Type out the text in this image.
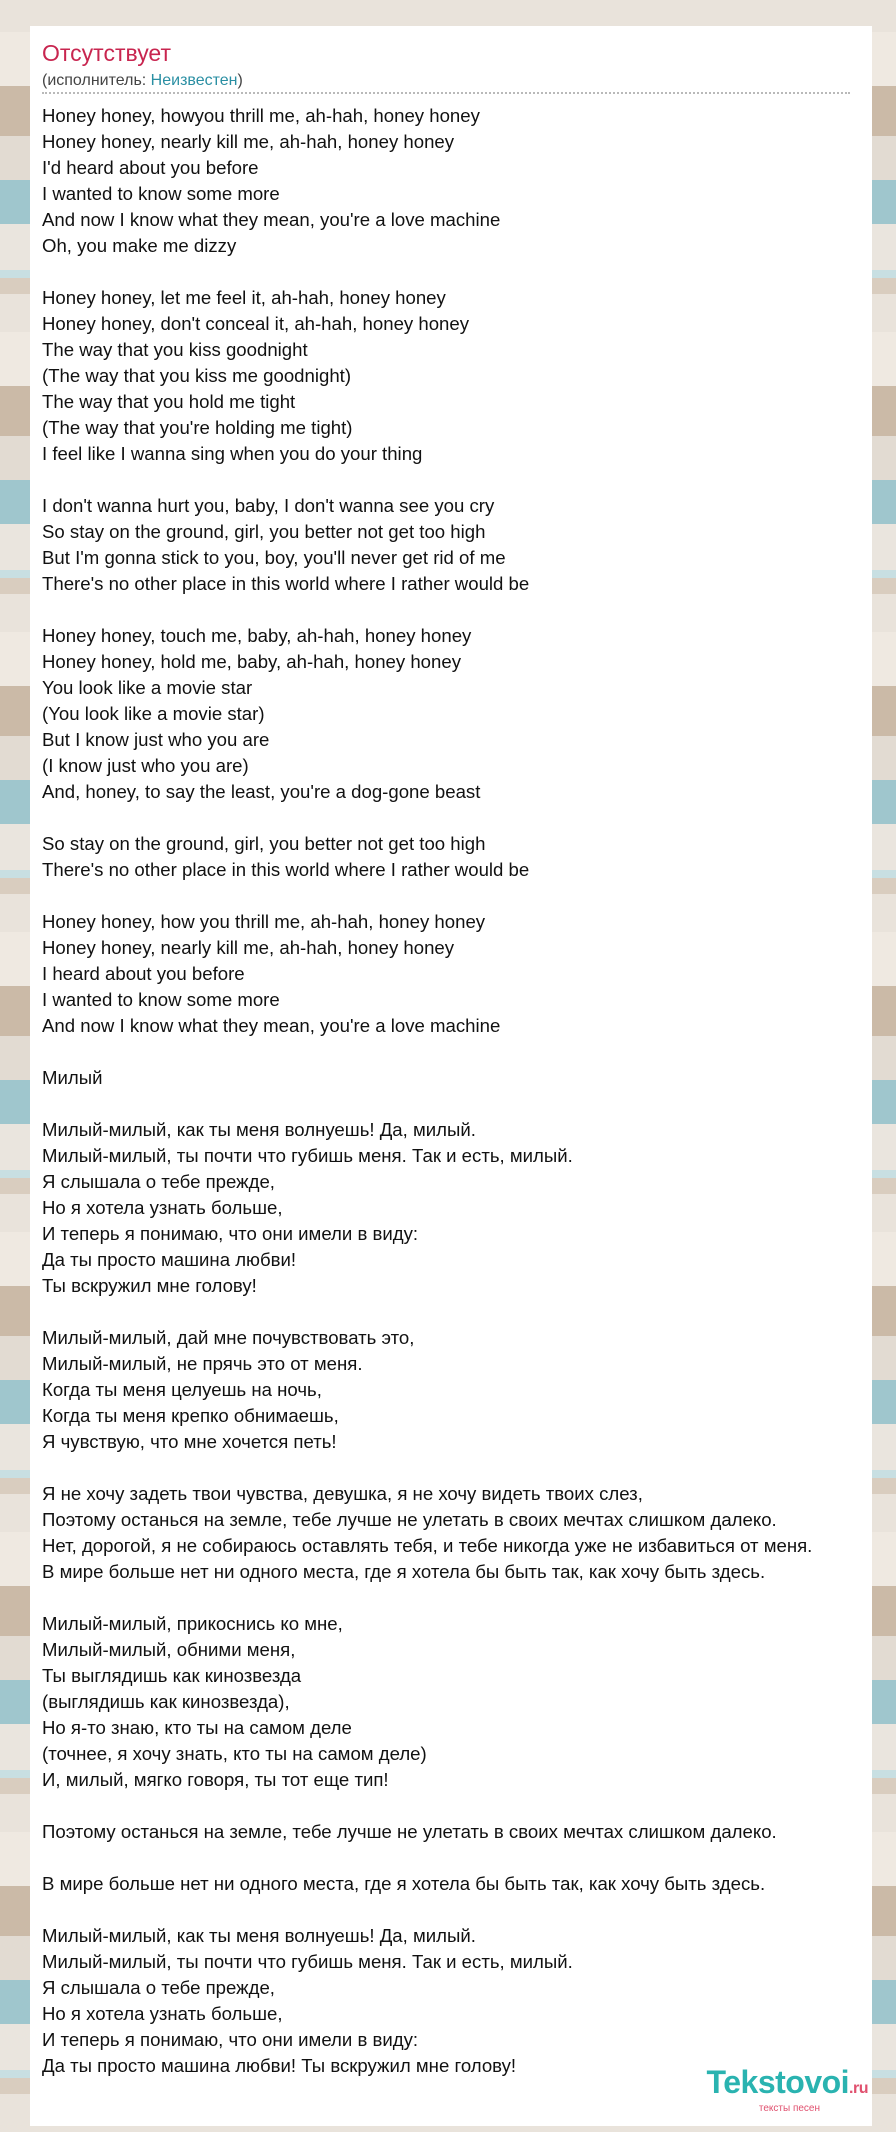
Отсутствует
(исполнитель: Неизвестен)
Honey honey, howyou thrill me, ah-hah, honey honey
Honey honey, nearly kill me, ah-hah, honey honey
I'd heard about you before
I wanted to know some more
And now I know what they mean, you're a love machine
Oh, you make me dizzy

Honey honey, let me feel it, ah-hah, honey honey
Honey honey, don't conceal it, ah-hah, honey honey
The way that you kiss goodnight
(The way that you kiss me goodnight)
The way that you hold me tight
(The way that you're holding me tight)
I feel like I wanna sing when you do your thing

I don't wanna hurt you, baby, I don't wanna see you cry
So stay on the ground, girl, you better not get too high
But I'm gonna stick to you, boy, you'll never get rid of me
There's no other place in this world where I rather would be

Honey honey, touch me, baby, ah-hah, honey honey
Honey honey, hold me, baby, ah-hah, honey honey
You look like a movie star
(You look like a movie star)
But I know just who you are
(I know just who you are)
And, honey, to say the least, you're a dog-gone beast

So stay on the ground, girl, you better not get too high
There's no other place in this world where I rather would be

Honey honey, how you thrill me, ah-hah, honey honey
Honey honey, nearly kill me, ah-hah, honey honey
I heard about you before
I wanted to know some more
And now I know what they mean, you're a love machine

Милый

Милый-милый, как ты меня волнуешь! Да, милый.
Милый-милый, ты почти что губишь меня. Так и есть, милый.
Я слышала о тебе прежде,
Но я хотела узнать больше,
И теперь я понимаю, что они имели в виду:
Да ты просто машина любви!
Ты вскружил мне голову!

Милый-милый, дай мне почувствовать это,
Милый-милый, не прячь это от меня.
Когда ты меня целуешь на ночь,
Когда ты меня крепко обнимаешь,
Я чувствую, что мне хочется петь!

Я не хочу задеть твои чувства, девушка, я не хочу видеть твоих слез,
Поэтому останься на земле, тебе лучше не улетать в своих мечтах слишком далеко.
Нет, дорогой, я не собираюсь оставлять тебя, и тебе никогда уже не избавиться от меня.
В мире больше нет ни одного места, где я хотела бы быть так, как хочу быть здесь.

Милый-милый, прикоснись ко мне,
Милый-милый, обними меня,
Ты выглядишь как кинозвезда
(выглядишь как кинозвезда),
Но я-то знаю, кто ты на самом деле
(точнее, я хочу знать, кто ты на самом деле)
И, милый, мягко говоря, ты тот еще тип!

Поэтому останься на земле, тебе лучше не улетать в своих мечтах слишком далеко.

В мире больше нет ни одного места, где я хотела бы быть так, как хочу быть здесь.

Милый-милый, как ты меня волнуешь! Да, милый.
Милый-милый, ты почти что губишь меня. Так и есть, милый.
Я слышала о тебе прежде,
Но я хотела узнать больше,
И теперь я понимаю, что они имели в виду:
Да ты просто машина любви! Ты вскружил мне голову!	Tekstovoi.ru
тексты песен
